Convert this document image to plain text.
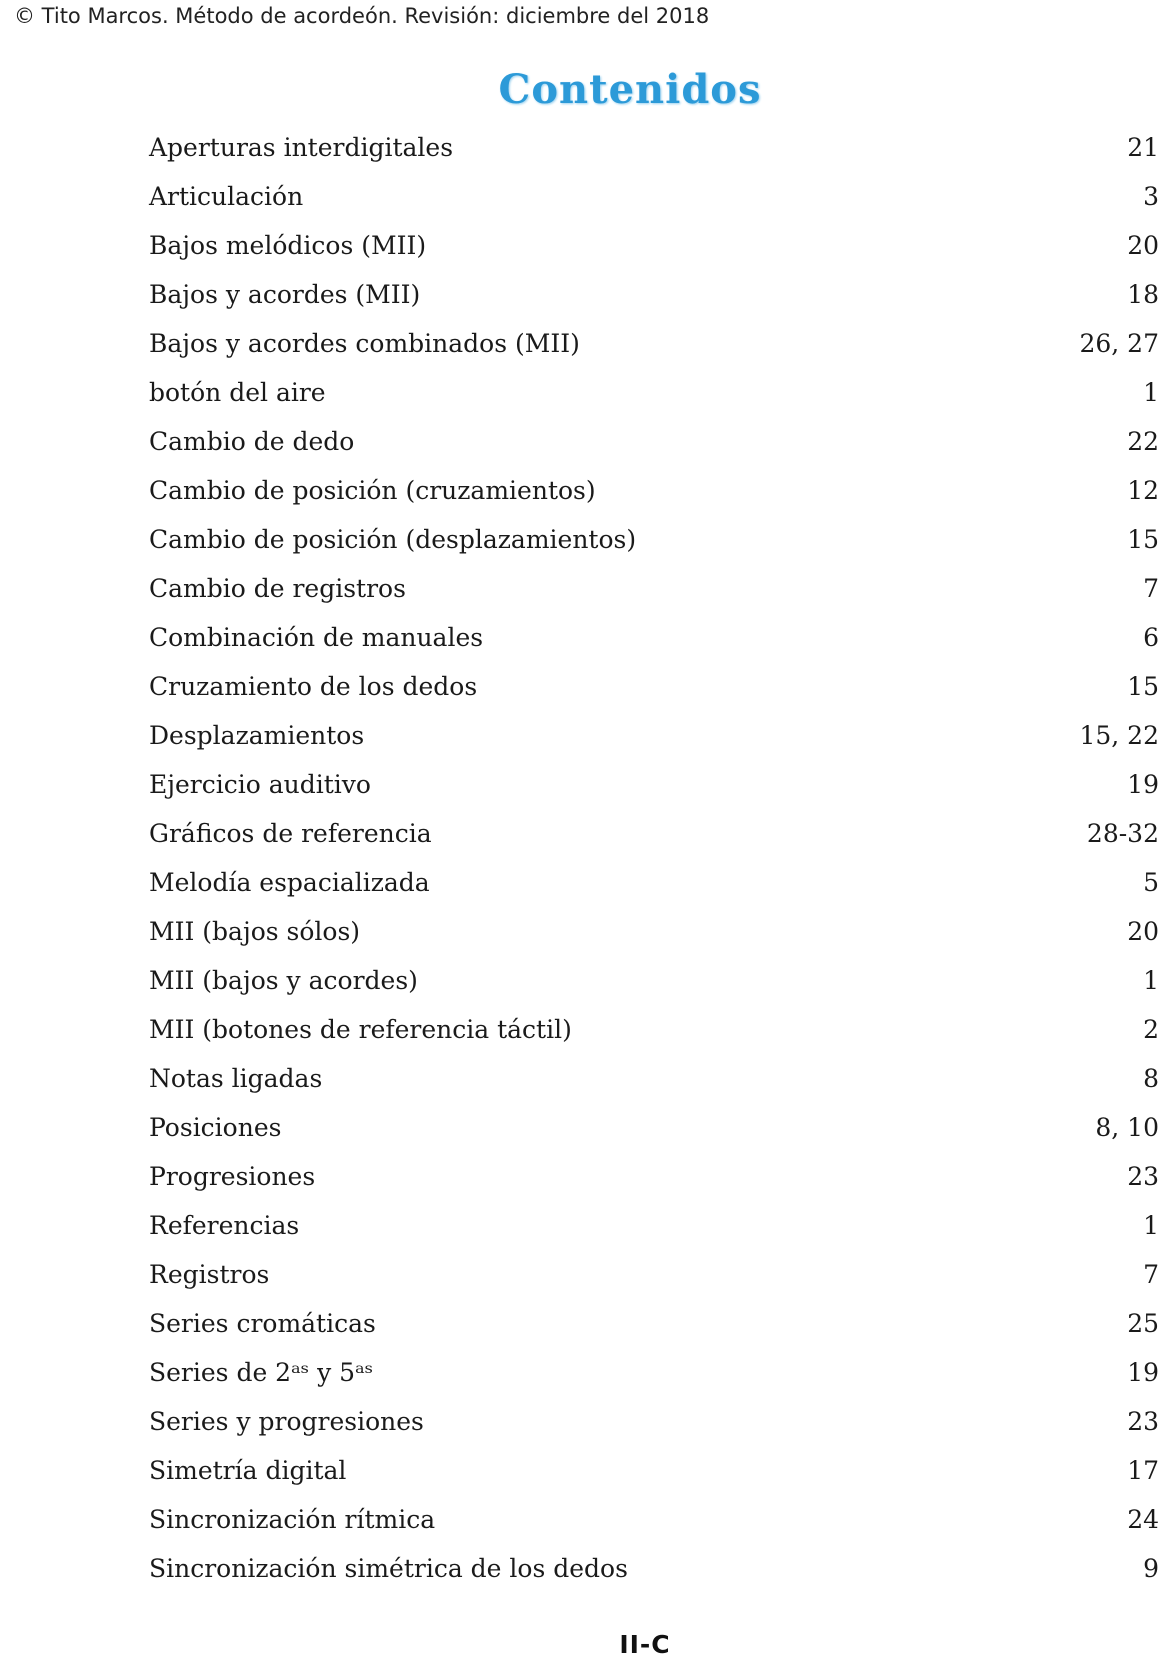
© Tito Marcos. Método de acordeón. Revisión: diciembre del 2018
Contenidos
Aperturas interdigitales	21
Articulación	3
Bajos melódicos (MII)	20
Bajos y acordes (MII)	18
Bajos y acordes combinados (MII)	26, 27
botón del aire	1
Cambio de dedo	22
Cambio de posición (cruzamientos)	12
Cambio de posición (desplazamientos)	15
Cambio de registros	7
Combinación de manuales	6
Cruzamiento de los dedos	15
Desplazamientos	15, 22
Ejercicio auditivo	19
Gráficos de referencia	28-32
Melodía espacializada	5
MII (bajos sólos)	20
MII (bajos y acordes)	1
MII (botones de referencia táctil)	2
Notas ligadas	8
Posiciones	8, 10
Progresiones	23
Referencias	1
Registros	7
Series cromáticas	25
Series de 2ᵃˢ y 5ᵃˢ	19
Series y progresiones	23
Simetría digital	17
Sincronización rítmica	24
Sincronización simétrica de los dedos	9
II-C
